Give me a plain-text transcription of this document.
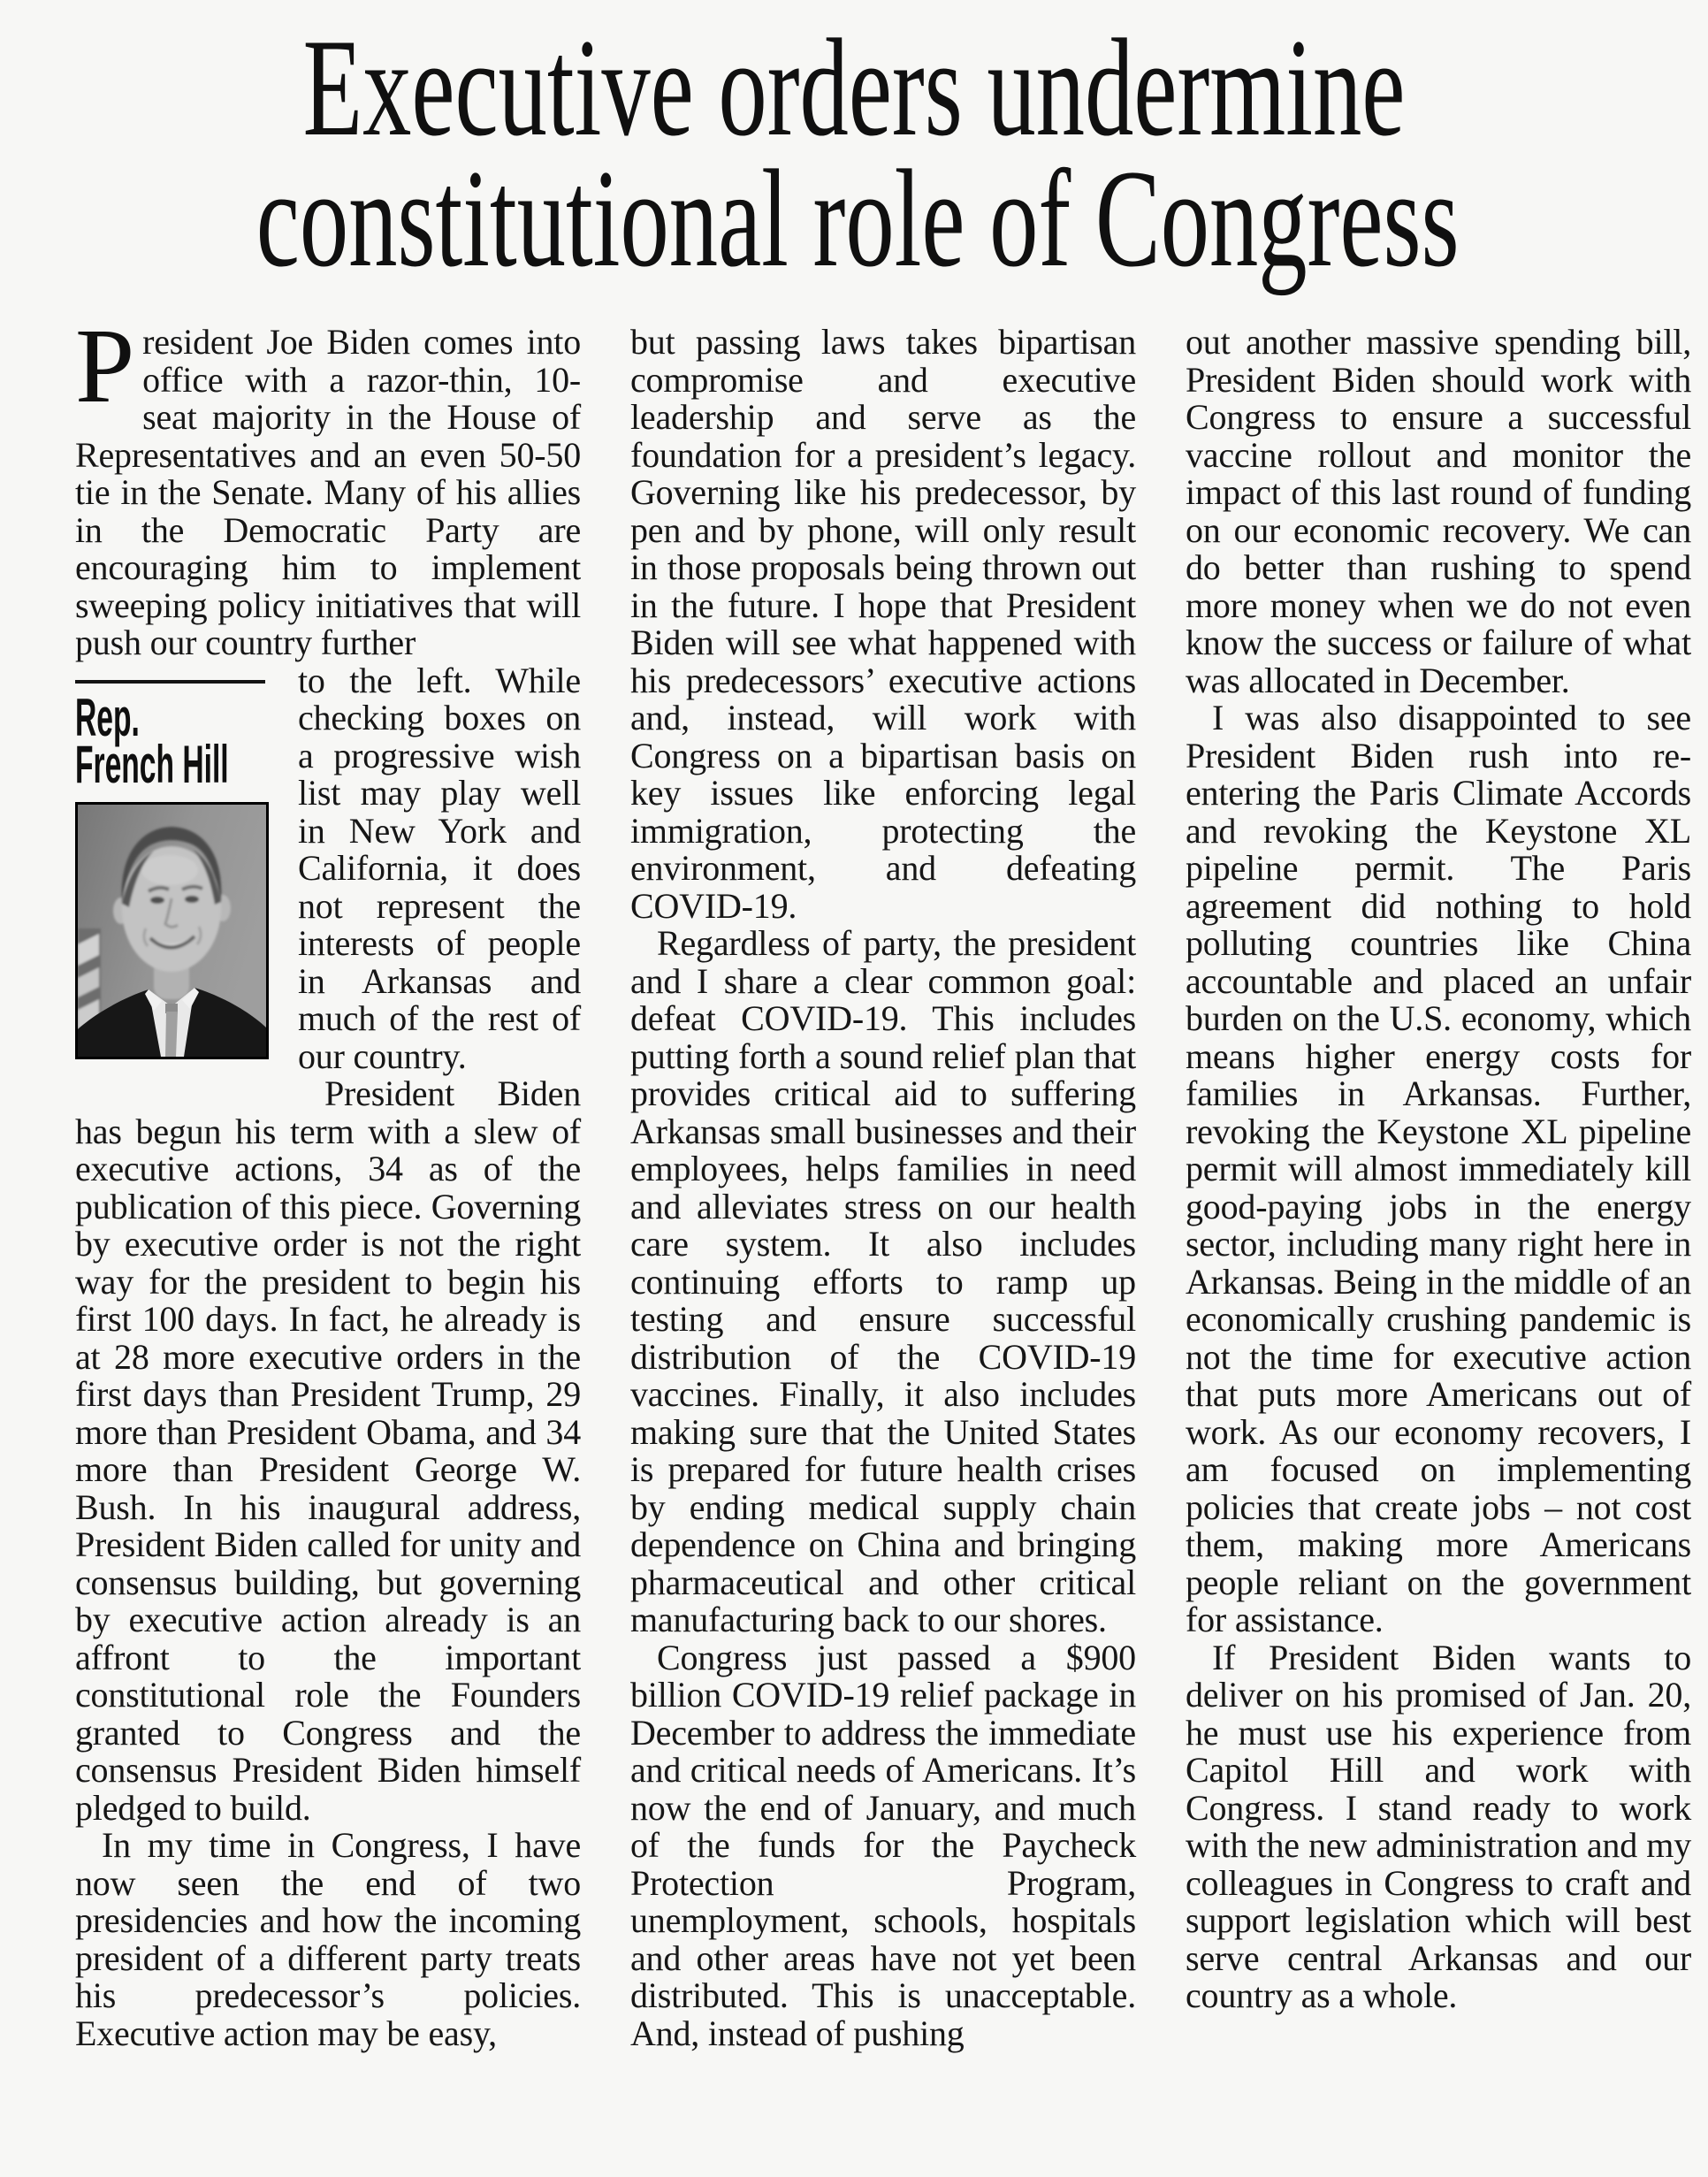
Executive orders undermine
constitutional role of Congress

President Joe Biden comes into office with a razor-thin, 10-seat majority in the House of Representatives and an even 50-50 tie in the Senate. Many of his allies in the Democratic Party are encouraging him to implement sweeping policy initiatives that will push our country further

Rep.
French Hill

to the left. While checking boxes on a progressive wish list may play well in New York and California, it does not represent the interests of people in Arkansas and much of the rest of our country.

President Biden has begun his term with a slew of executive actions, 34 as of the publication of this piece. Governing by executive order is not the right way for the president to begin his first 100 days. In fact, he already is at 28 more executive orders in the first days than President Trump, 29 more than President Obama, and 34 more than President George W. Bush. In his inaugural address, President Biden called for unity and consensus building, but governing by executive action already is an affront to the important constitutional role the Founders granted to Congress and the consensus President Biden himself pledged to build.

In my time in Congress, I have now seen the end of two presidencies and how the incoming president of a different party treats his predecessor’s policies. Executive action may be easy,

but passing laws takes bipartisan compromise and executive leadership and serve as the foundation for a president’s legacy. Governing like his predecessor, by pen and by phone, will only result in those proposals being thrown out in the future. I hope that President Biden will see what happened with his predecessors’ executive actions and, instead, will work with Congress on a bipartisan basis on key issues like enforcing legal immigration, protecting the environment, and defeating COVID-19.

Regardless of party, the president and I share a clear common goal: defeat COVID-19. This includes putting forth a sound relief plan that provides critical aid to suffering Arkansas small businesses and their employees, helps families in need and alleviates stress on our health care system. It also includes continuing efforts to ramp up testing and ensure successful distribution of the COVID-19 vaccines. Finally, it also includes making sure that the United States is prepared for future health crises by ending medical supply chain dependence on China and bringing pharmaceutical and other critical manufacturing back to our shores.

Congress just passed a $900 billion COVID-19 relief package in December to address the immediate and critical needs of Americans. It’s now the end of January, and much of the funds for the Paycheck Protection Program, unemployment, schools, hospitals and other areas have not yet been distributed. This is unacceptable. And, instead of pushing

out another massive spending bill, President Biden should work with Congress to ensure a successful vaccine rollout and monitor the impact of this last round of funding on our economic recovery. We can do better than rushing to spend more money when we do not even know the success or failure of what was allocated in December.

I was also disappointed to see President Biden rush into re-entering the Paris Climate Accords and revoking the Keystone XL pipeline permit. The Paris agreement did nothing to hold polluting countries like China accountable and placed an unfair burden on the U.S. economy, which means higher energy costs for families in Arkansas. Further, revoking the Keystone XL pipeline permit will almost immediately kill good-paying jobs in the energy sector, including many right here in Arkansas. Being in the middle of an economically crushing pandemic is not the time for executive action that puts more Americans out of work. As our economy recovers, I am focused on implementing policies that create jobs – not cost them, making more Americans people reliant on the government for assistance.

If President Biden wants to deliver on his promised of Jan. 20, he must use his experience from Capitol Hill and work with Congress. I stand ready to work with the new administration and my colleagues in Congress to craft and support legislation which will best serve central Arkansas and our country as a whole.
